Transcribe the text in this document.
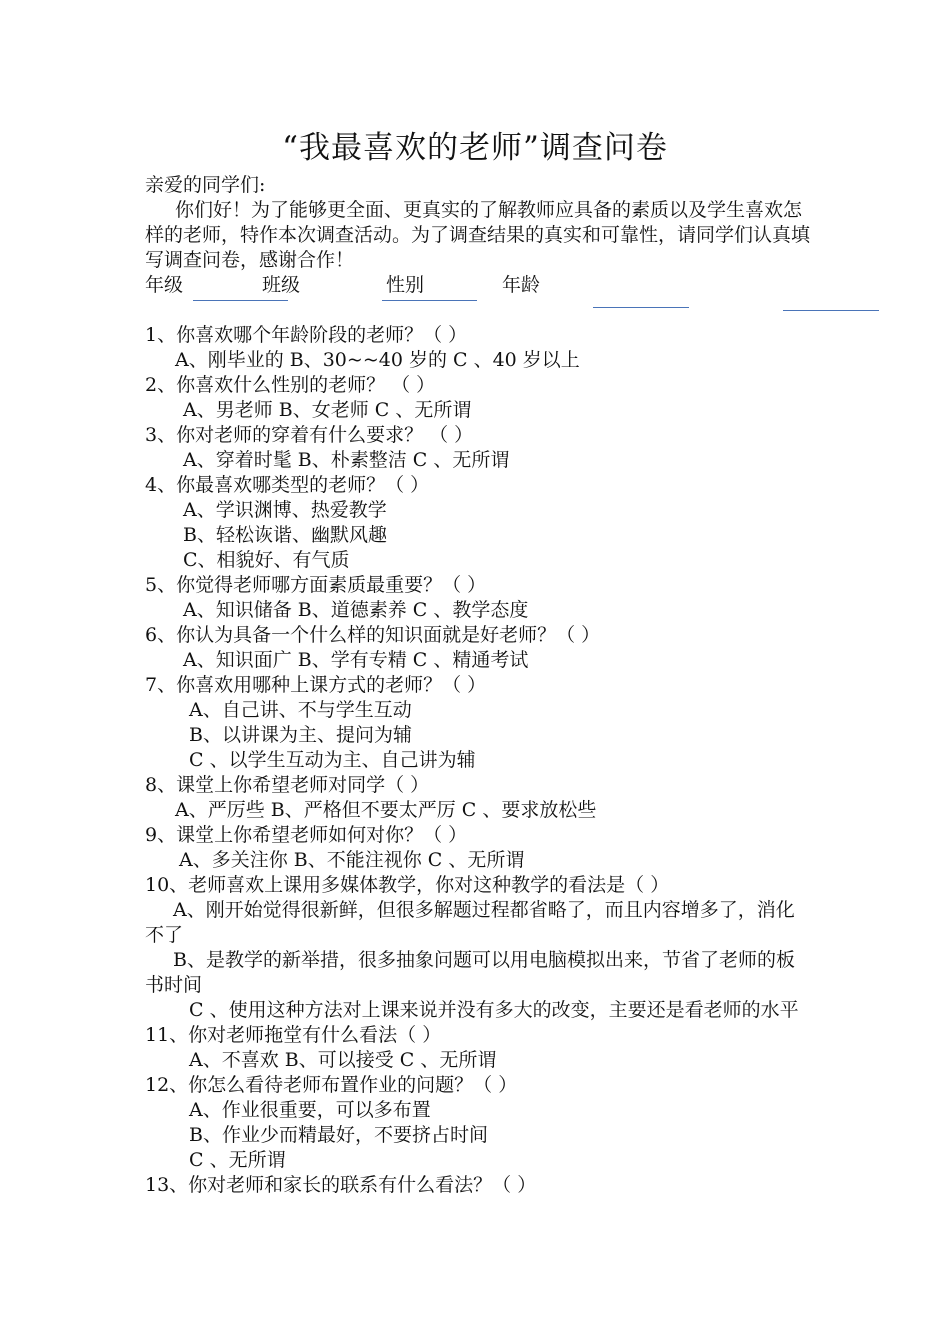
“我最喜欢的老师”调查问卷
亲爱的同学们:
你们好！为了能够更全面、更真实的了解教师应具备的素质以及学生喜欢怎样的老师，特作本次调查活动。为了调查结果的真实和可靠性，请同学们认真填写调查问卷，感谢合作！
年级	班级	性别	年龄
1、你喜欢哪个年龄阶段的老师？（ ）
A、刚毕业的 B、30~~40 岁的 C 、40 岁以上
2、你喜欢什么性别的老师？ （ ）
A、男老师 B、女老师 C 、无所谓
3、你对老师的穿着有什么要求？ （ ）
A、穿着时髦 B、朴素整洁 C 、无所谓
4、你最喜欢哪类型的老师？（ ）
A、学识渊博、热爱教学
B、轻松诙谐、幽默风趣
C、相貌好、有气质
5、你觉得老师哪方面素质最重要？（ ）
A、知识储备 B、道德素养 C 、教学态度
6、你认为具备一个什么样的知识面就是好老师？（ ）
A、知识面广 B、学有专精 C 、精通考试
7、你喜欢用哪种上课方式的老师？（ ）
A、自己讲、不与学生互动
B、以讲课为主、提问为辅
C 、以学生互动为主、自己讲为辅
8、课堂上你希望老师对同学（ ）
A、严厉些 B、严格但不要太严厉 C 、要求放松些
9、课堂上你希望老师如何对你？（ ）
A、多关注你 B、不能注视你 C 、无所谓
10、老师喜欢上课用多媒体教学，你对这种教学的看法是（ ）
A、刚开始觉得很新鲜，但很多解题过程都省略了，而且内容增多了，消化不了
B、是教学的新举措，很多抽象问题可以用电脑模拟出来，节省了老师的板书时间
C 、使用这种方法对上课来说并没有多大的改变，主要还是看老师的水平
11、你对老师拖堂有什么看法（ ）
A、不喜欢 B、可以接受 C 、无所谓
12、你怎么看待老师布置作业的问题？（ ）
A、作业很重要，可以多布置
B、作业少而精最好，不要挤占时间
C 、无所谓
13、你对老师和家长的联系有什么看法？（ ）
